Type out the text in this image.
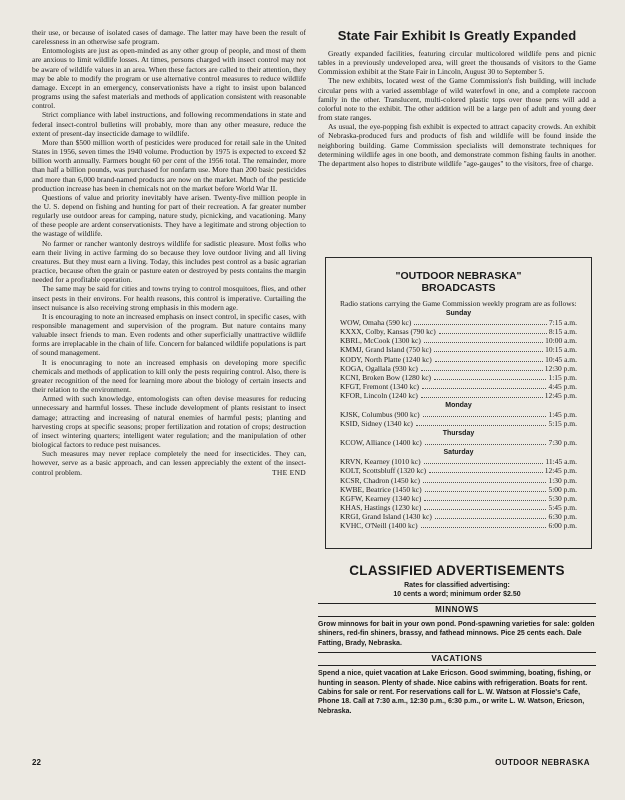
their use, or because of isolated cases of damage. The latter may have been the result of carelessness in an otherwise safe program.

Entomologists are just as open-minded as any other group of people, and most of them are anxious to limit wildlife losses. At times, persons charged with insect control may not be aware of wildlife values in an area. When these factors are called to their attention, they may be able to modify the program or use alternative control measures to reduce wildlife damage. Except in an emergency, conservationists have a right to insist upon balanced programs using the safest materials and methods of application consistent with reasonable control.

Strict compliance with label instructions, and following recommendations in state and federal insect-control bulletins will probably, more than any other measure, reduce the extent of present-day insecticide damage to wildlife.

More than $500 million worth of pesticides were produced for retail sale in the United States in 1956, seven times the 1940 volume. Production by 1975 is expected to exceed $2 billion worth annually. Farmers bought 60 per cent of the 1956 total. The remainder, more than half a billion pounds, was purchased for nonfarm use. More than 200 basic pesticides and more than 6,000 brand-named products are now on the market. Much of the pesticide production increase has been in chemicals not on the market before World War II.

Questions of value and priority inevitably have arisen. Twenty-five million people in the U. S. depend on fishing and hunting for part of their recreation. A far greater number regularly use outdoor areas for camping, nature study, picnicking, and vacationing. Many of these people are ardent conservationists. They have a legitimate and strong objection to the wastage of wildlife.

No farmer or rancher wantonly destroys wildlife for sadistic pleasure. Most folks who earn their living in active farming do so because they love outdoor living and all living creatures. But they must earn a living. Today, this includes pest control as a basic agrarian practice, because often the grain or pasture eaten or destroyed by pests contains the margin needed for a profitable operation.

The same may be said for cities and towns trying to control mosquitoes, flies, and other insect pests in their environs. For health reasons, this control is imperative. Curtailing the insect nuisance is also receiving strong emphasis in this modern age.

It is encouraging to note an increased emphasis on insect control, in specific cases, with responsible management and supervision of the program. But nature contains many valuable insect friends to man. Even rodents and other superficially unattractive wildlife forms are irreplacable in the chain of life. Concern for balanced wildlife populations is part of sound management.

It is enocunraging to note an increased emphasis on developing more specific chemicals and methods of application to kill only the pests requiring control. Also, there is greater recognition of the need for learning more about the biology of certain insects and their relation to the environment.

Armed with such knowledge, entomologists can often devise measures for reducing unnecessary and harmful losses. These include development of plants resistant to insect damage; attracting and increasing of natural enemies of harmful pests; planting and harvesting crops at specific seasons; proper fertilization and rotation of crops; destruction of insect wintering quarters; intelligent water regulation; and the manipulation of other biological factors to reduce pest nuisances.

Such measures may never replace completely the need for insecticides. They can, however, serve as a basic approach, and can lessen appreciably the extent of the insect-control problem.	THE END
State Fair Exhibit Is Greatly Expanded

Greatly expanded facilities, featuring circular multicolored wildlife pens and picnic tables in a previously undeveloped area, will greet the thousands of visitors to the Game Commission exhibit at the State Fair in Lincoln, August 30 to September 5.

The new exhibits, located west of the Game Commission's fish building, will include circular pens with a varied assemblage of wild waterfowl in one, and a complete raccoon family in the other. Translucent, multi-colored plastic tops over those pens will add a colorful note to the exhibit. The other addition will be a large pen of adult and young deer from state ranges.

As usual, the eye-popping fish exhibit is expected to attract capacity crowds. An exhibit of Nebraska-produced furs and products of fish and wildlife will be found inside the neighboring building. Game Commission specialists will demonstrate techniques for determining wildlife ages in one booth, and demonstrate common fishing faults in another. The department also hopes to distribute wildlife "age-gauges" to the visitors, free of charge.

"OUTDOOR NEBRASKA"
BROADCASTS
Radio stations carrying the Game Commission weekly program are as follows:
Sunday
WOW, Omaha (590 kc)	7:15 a.m.
KXXX, Colby, Kansas (790 kc)	8:15 a.m.
KBRL, McCook (1300 kc)	10:00 a.m.
KMMJ, Grand Island (750 kc)	10:15 a.m.
KODY, North Platte (1240 kc)	10:45 a.m.
KOGA, Ogallala (930 kc)	12:30 p.m.
KCNI, Broken Bow (1280 kc)	1:15 p.m.
KFGT, Fremont (1340 kc)	4:45 p.m.
KFOR, Lincoln (1240 kc)	12:45 p.m.
Monday
KJSK, Columbus (900 kc)	1:45 p.m.
KSID, Sidney (1340 kc)	5:15 p.m.
Thursday
KCOW, Alliance (1400 kc)	7:30 p.m.
Saturday
KRVN, Kearney (1010 kc)	11:45 a.m.
KOLT, Scottsbluff (1320 kc)	12:45 p.m.
KCSR, Chadron (1450 kc)	1:30 p.m.
KWBE, Beatrice (1450 kc)	5:00 p.m.
KGFW, Kearney (1340 kc)	5:30 p.m.
KHAS, Hastings (1230 kc)	5:45 p.m.
KRGI, Grand Island (1430 kc)	6:30 p.m.
KVHC, O'Neill (1400 kc)	6:00 p.m.
CLASSIFIED ADVERTISEMENTS
Rates for classified advertising:
10 cents a word; minimum order $2.50
MINNOWS
Grow minnows for bait in your own pond. Pond-spawning varieties for sale: golden shiners, red-fin shiners, brassy, and fathead minnows. Pice 25 cents each. Dale Fatting, Brady, Nebraska.
VACATIONS
Spend a nice, quiet vacation at Lake Ericson. Good swimming, boating, fishing, or hunting in season. Plenty of shade. Nice cabins with refrigeration. Boats for rent. Cabins for sale or rent. For reservations call for L. W. Watson at Flossie's Cafe, Phone 18. Call at 7:30 a.m., 12:30 p.m., 6:30 p.m., or write L. W. Watson, Ericson, Nebraska.
22	OUTDOOR NEBRASKA
